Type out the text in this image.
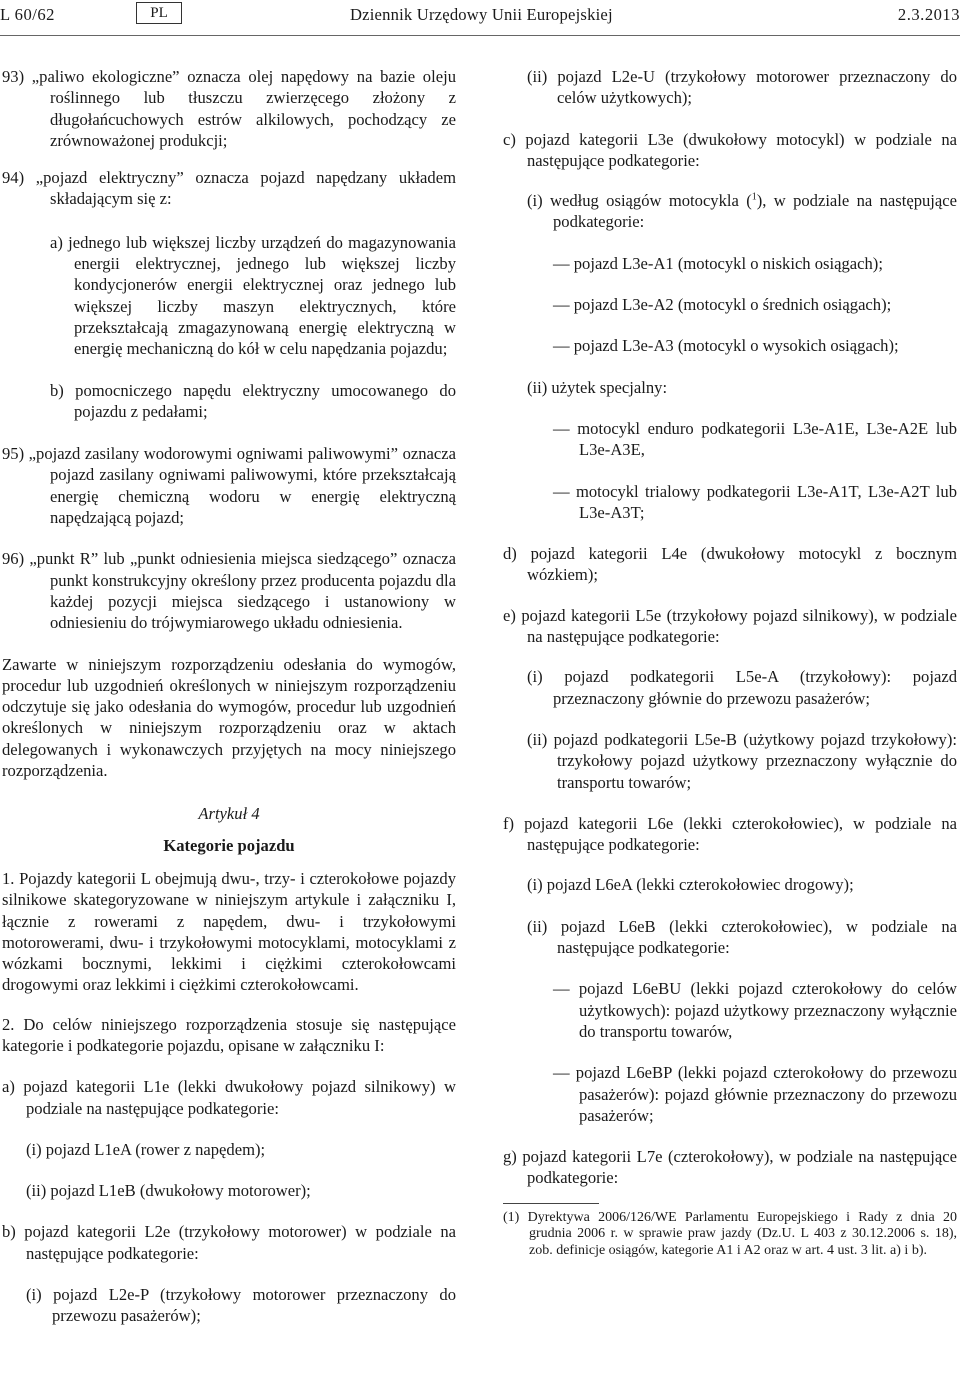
L 60/62	PL	Dziennik Urzędowy Unii Europejskiej	2.3.2013

93) „paliwo ekologiczne” oznacza olej napędowy na bazie oleju roślinnego lub tłuszczu zwierzęcego złożony z długołańcuchowych estrów alkilowych, pochodzący ze zrównoważonej produkcji;

94) „pojazd elektryczny” oznacza pojazd napędzany układem składającym się z:

a) jednego lub większej liczby urządzeń do magazynowania energii elektrycznej, jednego lub większej liczby kondycjonerów energii elektrycznej oraz jednego lub większej liczby maszyn elektrycznych, które przekształcają zmagazynowaną energię elektryczną w energię mechaniczną do kół w celu napędzania pojazdu;

b) pomocniczego napędu elektryczny umocowanego do pojazdu z pedałami;

95) „pojazd zasilany wodorowymi ogniwami paliwowymi” oznacza pojazd zasilany ogniwami paliwowymi, które przekształcają energię chemiczną wodoru w energię elektryczną napędzającą pojazd;

96) „punkt R” lub „punkt odniesienia miejsca siedzącego” oznacza punkt konstrukcyjny określony przez producenta pojazdu dla każdej pozycji miejsca siedzącego i ustanowiony w odniesieniu do trójwymiarowego układu odniesienia.

Zawarte w niniejszym rozporządzeniu odesłania do wymogów, procedur lub uzgodnień określonych w niniejszym rozporządzeniu odczytuje się jako odesłania do wymogów, procedur lub uzgodnień określonych w niniejszym rozporządzeniu oraz w aktach delegowanych i wykonawczych przyjętych na mocy niniejszego rozporządzenia.

Artykuł 4

Kategorie pojazdu

1. Pojazdy kategorii L obejmują dwu-, trzy- i czterokołowe pojazdy silnikowe skategoryzowane w niniejszym artykule i załączniku I, łącznie z rowerami z napędem, dwu- i trzykołowymi motorowerami, dwu- i trzykołowymi motocyklami, motocyklami z wózkami bocznymi, lekkimi i ciężkimi czterokołowcami drogowymi oraz lekkimi i ciężkimi czterokołowcami.

2. Do celów niniejszego rozporządzenia stosuje się następujące kategorie i podkategorie pojazdu, opisane w załączniku I:

a) pojazd kategorii L1e (lekki dwukołowy pojazd silnikowy) w podziale na następujące podkategorie:

(i) pojazd L1eA (rower z napędem);

(ii) pojazd L1eB (dwukołowy motorower);

b) pojazd kategorii L2e (trzykołowy motorower) w podziale na następujące podkategorie:

(i) pojazd L2e-P (trzykołowy motorower przeznaczony do przewozu pasażerów);

(ii) pojazd L2e-U (trzykołowy motorower przeznaczony do celów użytkowych);

c) pojazd kategorii L3e (dwukołowy motocykl) w podziale na następujące podkategorie:

(i) według osiągów motocykla ($^1$), w podziale na następujące podkategorie:

— pojazd L3e-A1 (motocykl o niskich osiągach);

— pojazd L3e-A2 (motocykl o średnich osiągach);

— pojazd L3e-A3 (motocykl o wysokich osiągach);

(ii) użytek specjalny:

— motocykl enduro podkategorii L3e-A1E, L3e-A2E lub L3e-A3E,

— motocykl trialowy podkategorii L3e-A1T, L3e-A2T lub L3e-A3T;

d) pojazd kategorii L4e (dwukołowy motocykl z bocznym wózkiem);

e) pojazd kategorii L5e (trzykołowy pojazd silnikowy), w podziale na następujące podkategorie:

(i) pojazd podkategorii L5e-A (trzykołowy): pojazd przeznaczony głównie do przewozu pasażerów;

(ii) pojazd podkategorii L5e-B (użytkowy pojazd trzykołowy): trzykołowy pojazd użytkowy przeznaczony wyłącznie do transportu towarów;

f) pojazd kategorii L6e (lekki czterokołowiec), w podziale na następujące podkategorie:

(i) pojazd L6eA (lekki czterokołowiec drogowy);

(ii) pojazd L6eB (lekki czterokołowiec), w podziale na następujące podkategorie:

— pojazd L6eBU (lekki pojazd czterokołowy do celów użytkowych): pojazd użytkowy przeznaczony wyłącznie do transportu towarów,

— pojazd L6eBP (lekki pojazd czterokołowy do przewozu pasażerów): pojazd głównie przeznaczony do przewozu pasażerów;

g) pojazd kategorii L7e (czterokołowy), w podziale na następujące podkategorie:

(1) Dyrektywa 2006/126/WE Parlamentu Europejskiego i Rady z dnia 20 grudnia 2006 r. w sprawie praw jazdy (Dz.U. L 403 z 30.12.2006 s. 18), zob. definicje osiągów, kategorie A1 i A2 oraz w art. 4 ust. 3 lit. a) i b).
